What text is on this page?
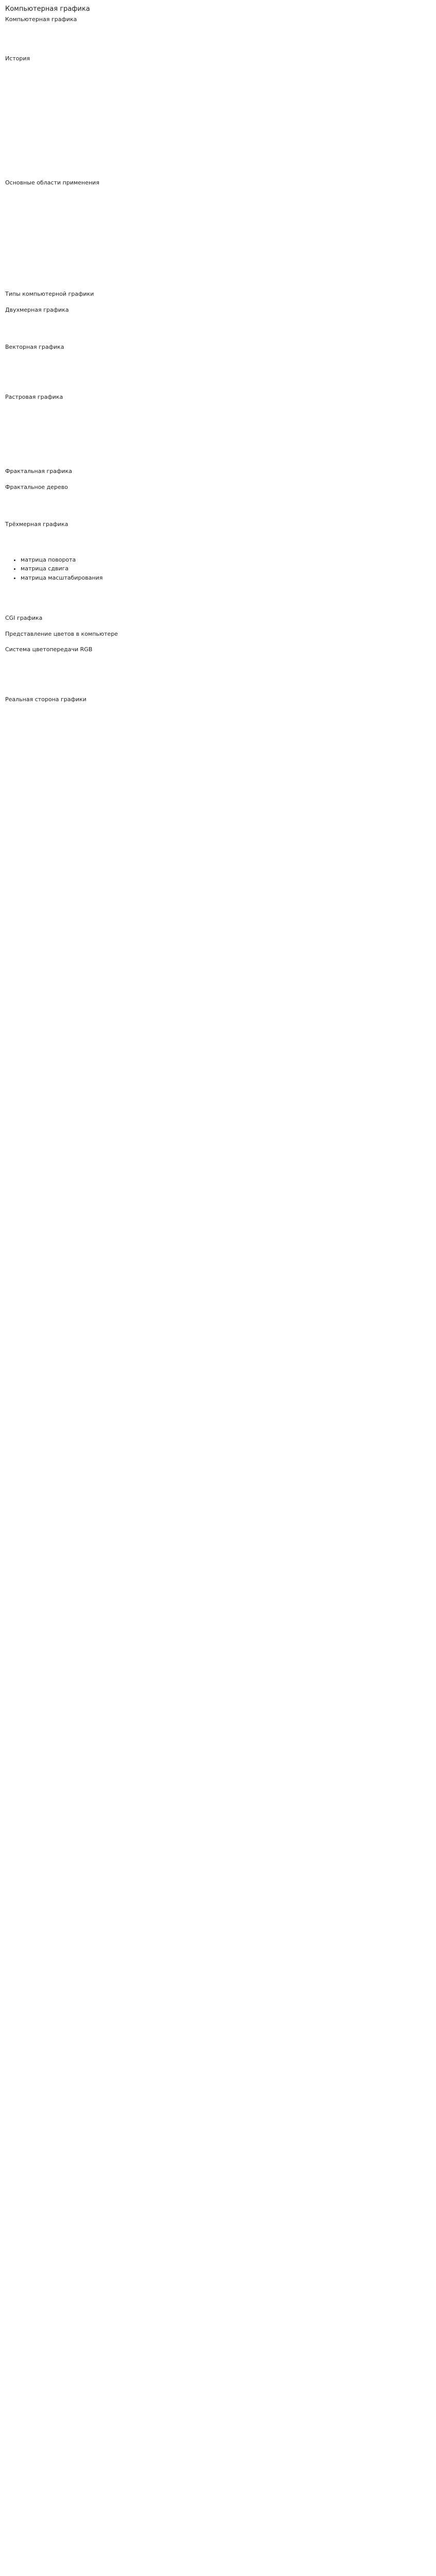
Компьютерная графика
Компьютерная графика

История

Основные области применения

Типы компьютерной графики
Двухмерная графика

Векторная графика

Растровая графика

Фрактальная графика
Фрактальное дерево

Трёхмерная графика

• матрица поворота
• матрица сдвига
• матрица масштабирования

CGI графика
Представление цветов в компьютере
Система цветопередачи RGB

Реальная сторона графики
